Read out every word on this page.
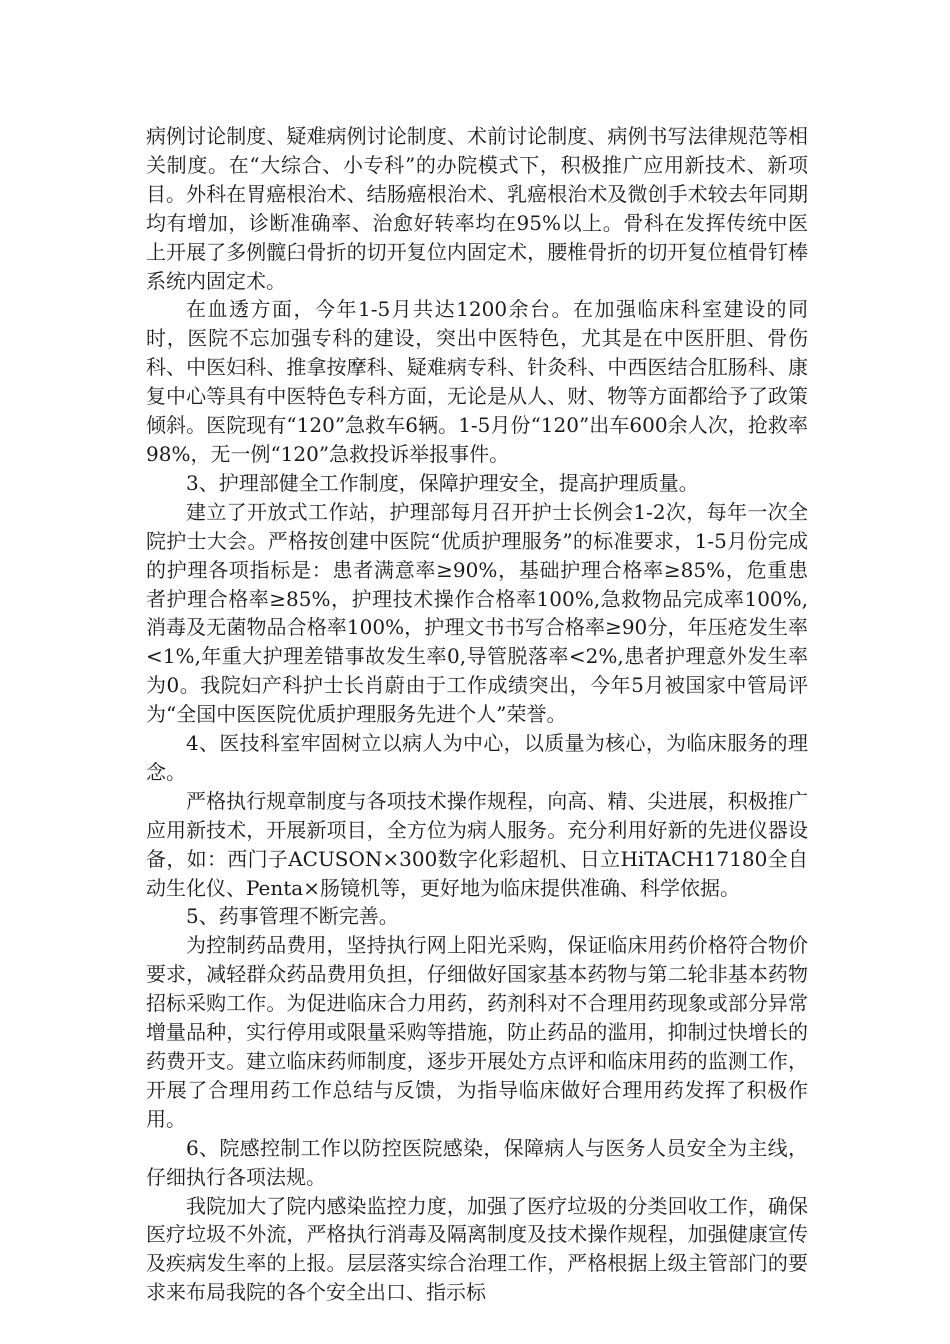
病例讨论制度、疑难病例讨论制度、术前讨论制度、病例书写法律规范等相关制度。在“大综合、小专科”的办院模式下，积极推广应用新技术、新项目。外科在胃癌根治术、结肠癌根治术、乳癌根治术及微创手术较去年同期均有增加，诊断准确率、治愈好转率均在95%以上。骨科在发挥传统中医上开展了多例髋臼骨折的切开复位内固定术，腰椎骨折的切开复位植骨钉棒系统内固定术。

在血透方面，今年1-5月共达1200余台。在加强临床科室建设的同时，医院不忘加强专科的建设，突出中医特色，尤其是在中医肝胆、骨伤科、中医妇科、推拿按摩科、疑难病专科、针灸科、中西医结合肛肠科、康复中心等具有中医特色专科方面，无论是从人、财、物等方面都给予了政策倾斜。医院现有“120”急救车6辆。1-5月份“120”出车600余人次，抢救率98%，无一例“120”急救投诉举报事件。

3、护理部健全工作制度，保障护理安全，提高护理质量。

建立了开放式工作站，护理部每月召开护士长例会1-2次，每年一次全院护士大会。严格按创建中医院“优质护理服务”的标准要求，1-5月份完成的护理各项指标是：患者满意率≥90%，基础护理合格率≥85%，危重患者护理合格率≥85%，护理技术操作合格率100%,急救物品完成率100%,消毒及无菌物品合格率100%，护理文书书写合格率≥90分，年压疮发生率<1%,年重大护理差错事故发生率0,导管脱落率<2%,患者护理意外发生率为0。我院妇产科护士长肖蔚由于工作成绩突出，今年5月被国家中管局评为“全国中医医院优质护理服务先进个人”荣誉。

4、医技科室牢固树立以病人为中心，以质量为核心，为临床服务的理念。

严格执行规章制度与各项技术操作规程，向高、精、尖进展，积极推广应用新技术，开展新项目，全方位为病人服务。充分利用好新的先进仪器设备，如：西门子ACUSON×300数字化彩超机、日立HiTACH17180全自动生化仪、Penta×肠镜机等，更好地为临床提供准确、科学依据。

5、药事管理不断完善。

为控制药品费用，坚持执行网上阳光采购，保证临床用药价格符合物价要求，减轻群众药品费用负担，仔细做好国家基本药物与第二轮非基本药物招标采购工作。为促进临床合力用药，药剂科对不合理用药现象或部分异常增量品种，实行停用或限量采购等措施，防止药品的滥用，抑制过快增长的药费开支。建立临床药师制度，逐步开展处方点评和临床用药的监测工作，开展了合理用药工作总结与反馈，为指导临床做好合理用药发挥了积极作用。

6、院感控制工作以防控医院感染，保障病人与医务人员安全为主线，仔细执行各项法规。

我院加大了院内感染监控力度，加强了医疗垃圾的分类回收工作，确保医疗垃圾不外流，严格执行消毒及隔离制度及技术操作规程，加强健康宣传及疾病发生率的上报。层层落实综合治理工作，严格根据上级主管部门的要求来布局我院的各个安全出口、指示标
